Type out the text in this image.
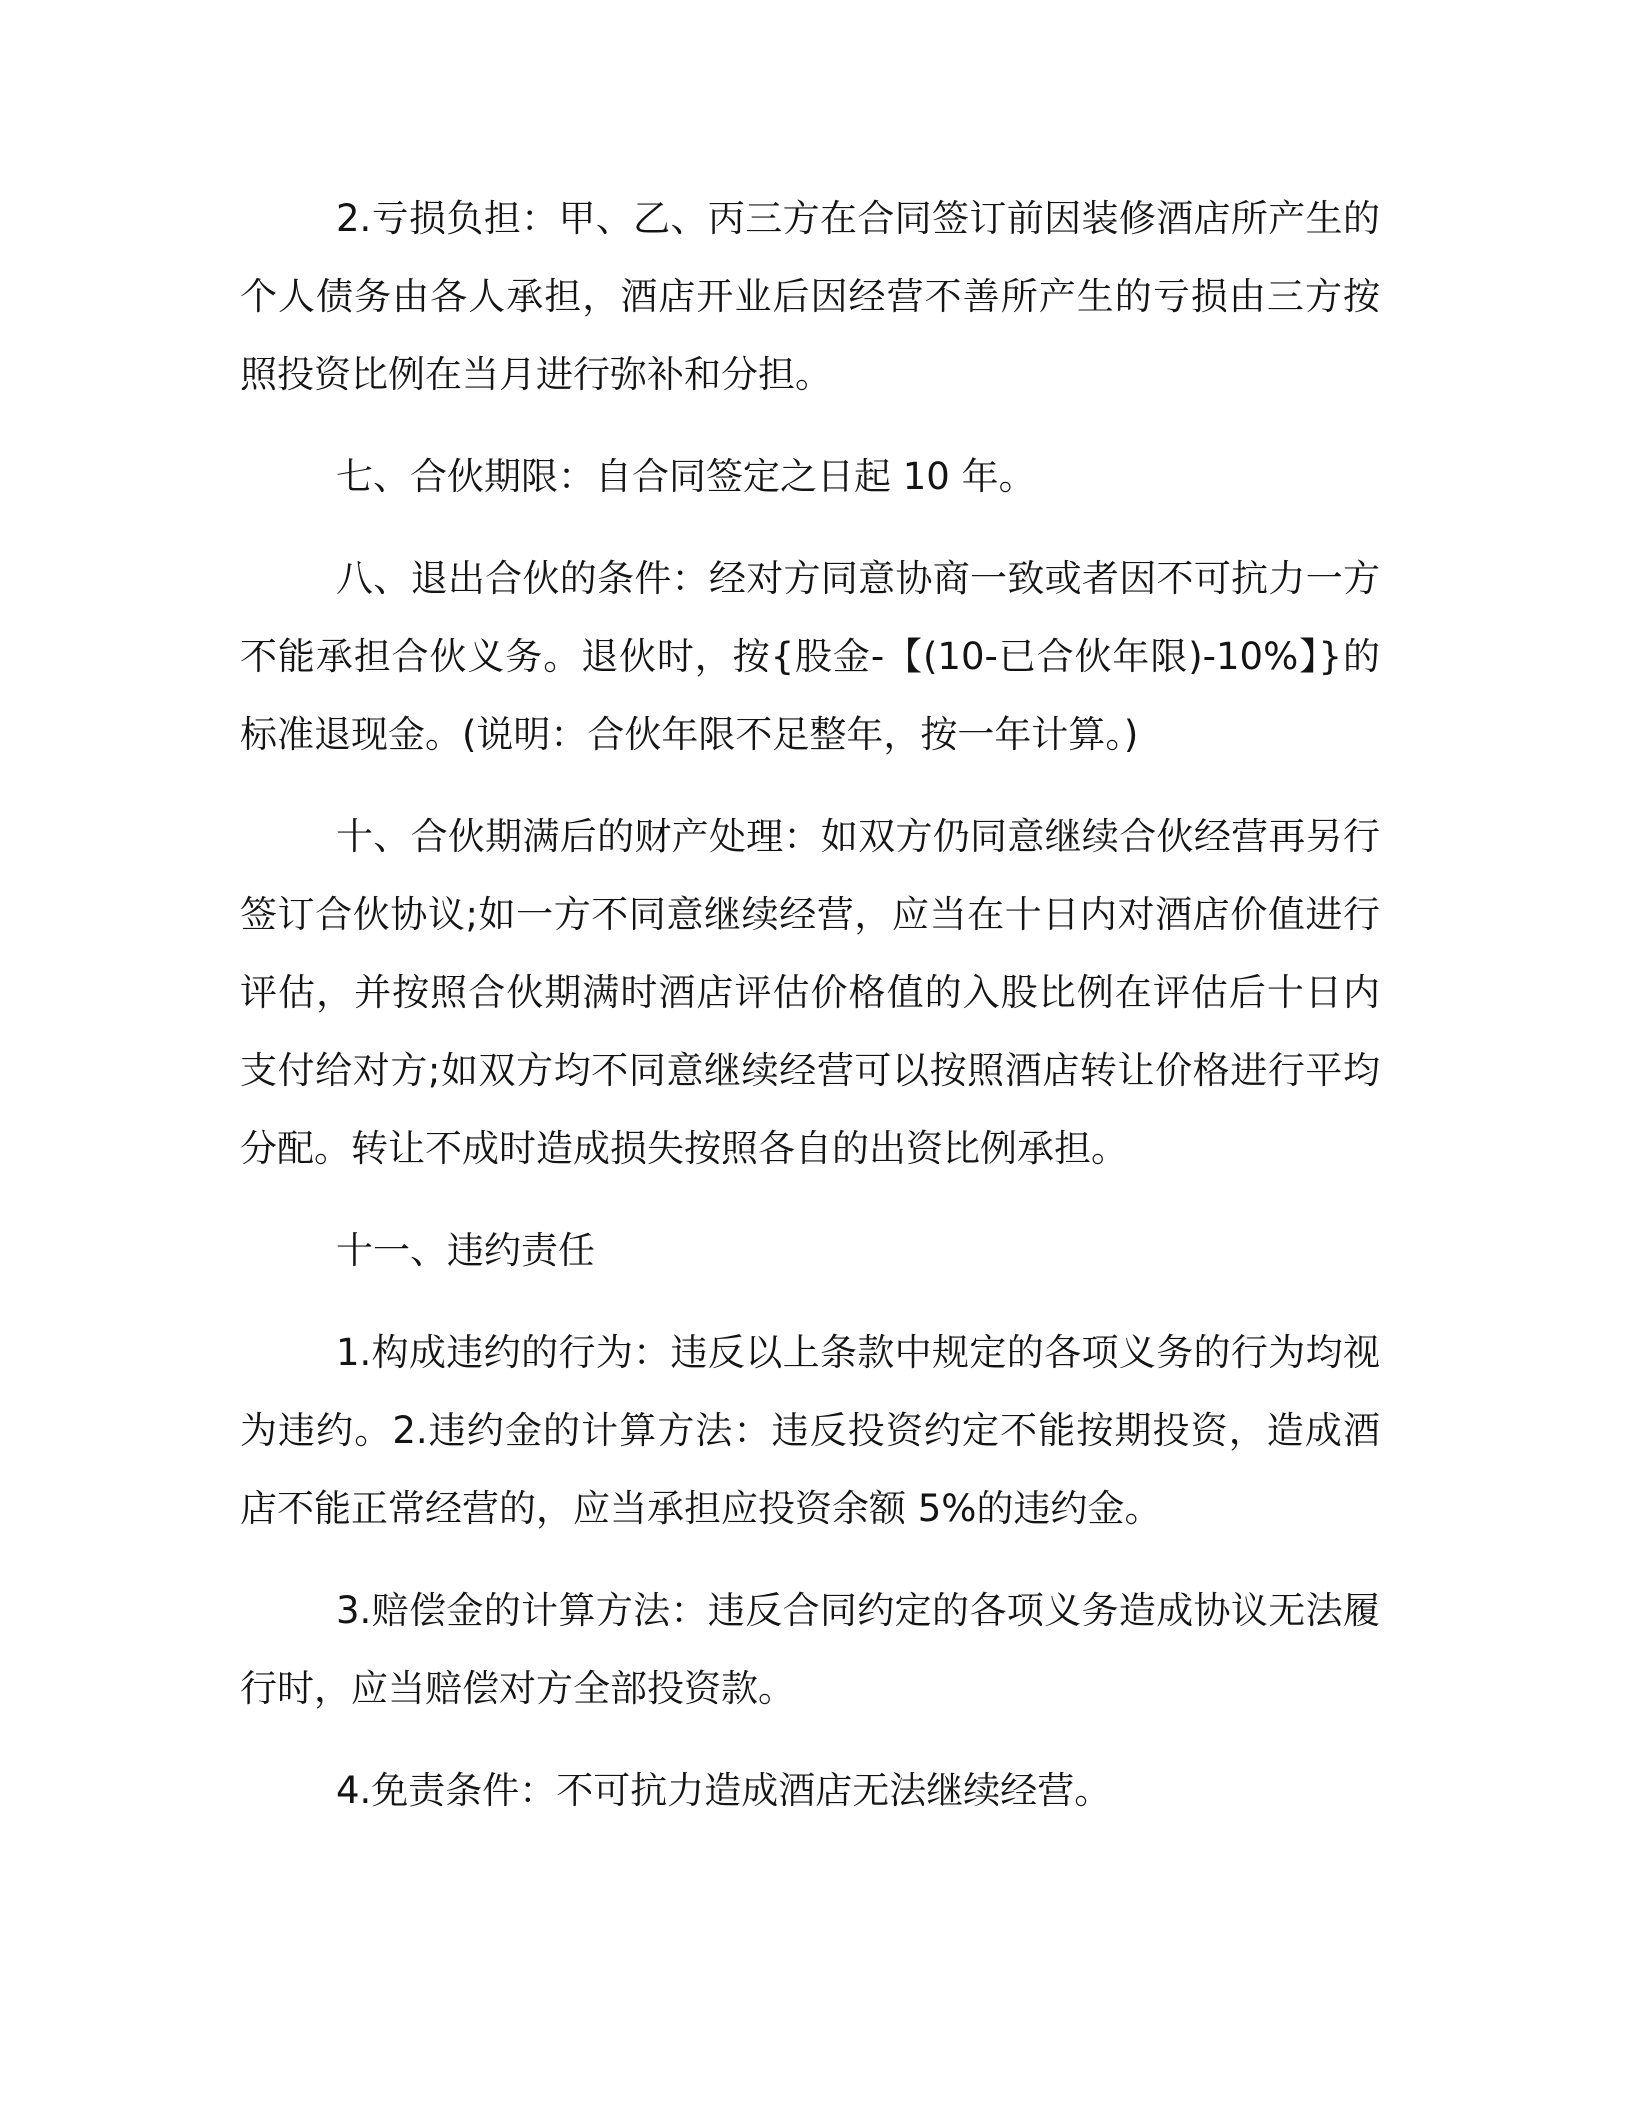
2.亏损负担：甲、乙、丙三方在合同签订前因装修酒店所产生的个人债务由各人承担，酒店开业后因经营不善所产生的亏损由三方按照投资比例在当月进行弥补和分担。

七、合伙期限：自合同签定之日起 10 年。

八、退出合伙的条件：经对方同意协商一致或者因不可抗力一方不能承担合伙义务。退伙时，按{股金-【(10-已合伙年限)-10%】}的标准退现金。(说明：合伙年限不足整年，按一年计算。)

十、合伙期满后的财产处理：如双方仍同意继续合伙经营再另行签订合伙协议;如一方不同意继续经营，应当在十日内对酒店价值进行评估，并按照合伙期满时酒店评估价格值的入股比例在评估后十日内支付给对方;如双方均不同意继续经营可以按照酒店转让价格进行平均分配。转让不成时造成损失按照各自的出资比例承担。

十一、违约责任

1.构成违约的行为：违反以上条款中规定的各项义务的行为均视为违约。2.违约金的计算方法：违反投资约定不能按期投资，造成酒店不能正常经营的，应当承担应投资余额 5%的违约金。

3.赔偿金的计算方法：违反合同约定的各项义务造成协议无法履行时，应当赔偿对方全部投资款。

4.免责条件：不可抗力造成酒店无法继续经营。
